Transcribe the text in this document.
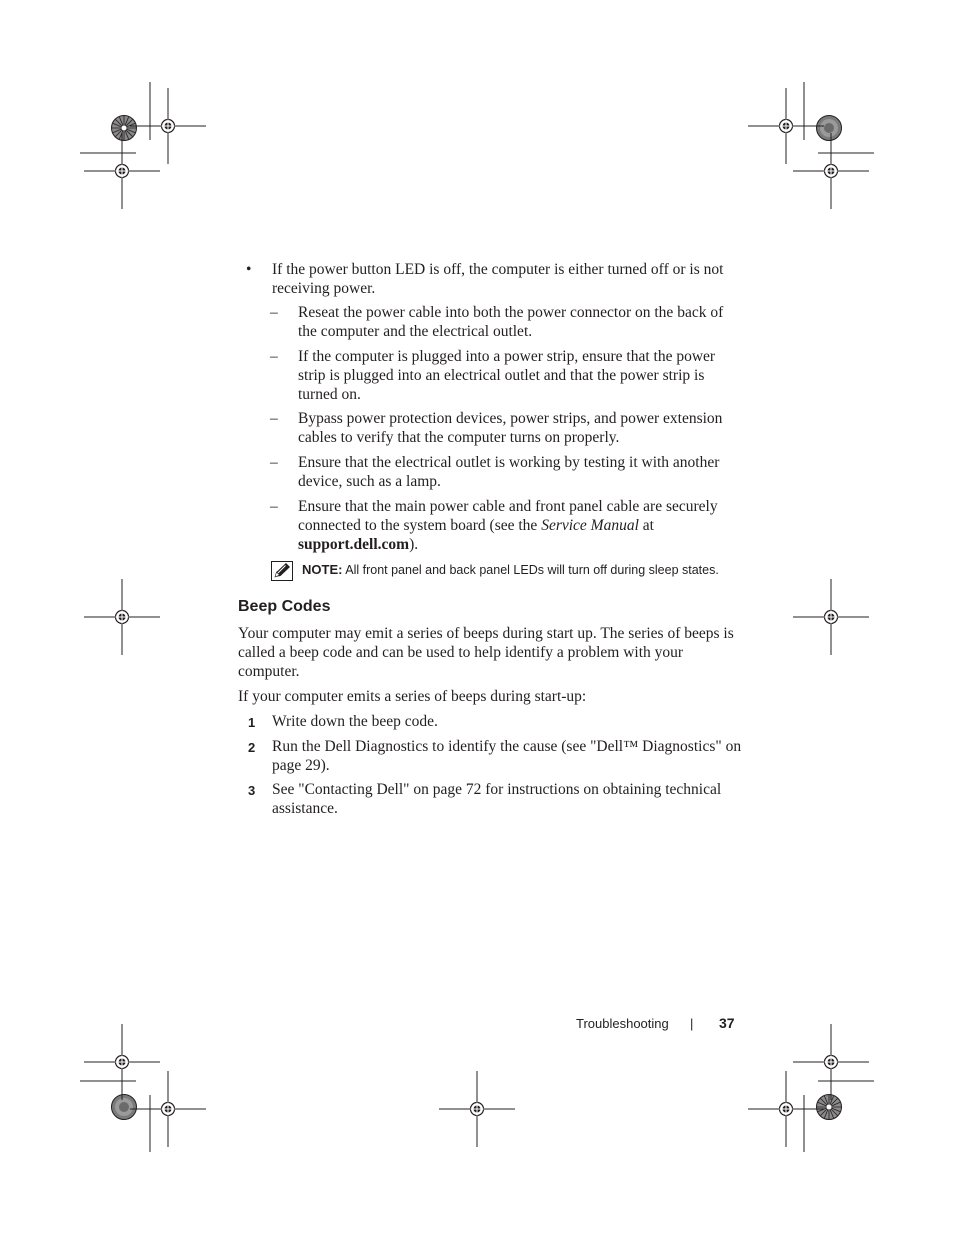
• If the power button LED is off, the computer is either turned off or is not receiving power.
– Reseat the power cable into both the power connector on the back of the computer and the electrical outlet.
– If the computer is plugged into a power strip, ensure that the power strip is plugged into an electrical outlet and that the power strip is turned on.
– Bypass power protection devices, power strips, and power extension cables to verify that the computer turns on properly.
– Ensure that the electrical outlet is working by testing it with another device, such as a lamp.
– Ensure that the main power cable and front panel cable are securely connected to the system board (see the Service Manual at support.dell.com).
NOTE: All front panel and back panel LEDs will turn off during sleep states.
Beep Codes
Your computer may emit a series of beeps during start up. The series of beeps is called a beep code and can be used to help identify a problem with your computer.
If your computer emits a series of beeps during start-up:
1 Write down the beep code.
2 Run the Dell Diagnostics to identify the cause (see "Dell™ Diagnostics" on page 29).
3 See "Contacting Dell" on page 72 for instructions on obtaining technical assistance.
Troubleshooting | 37
